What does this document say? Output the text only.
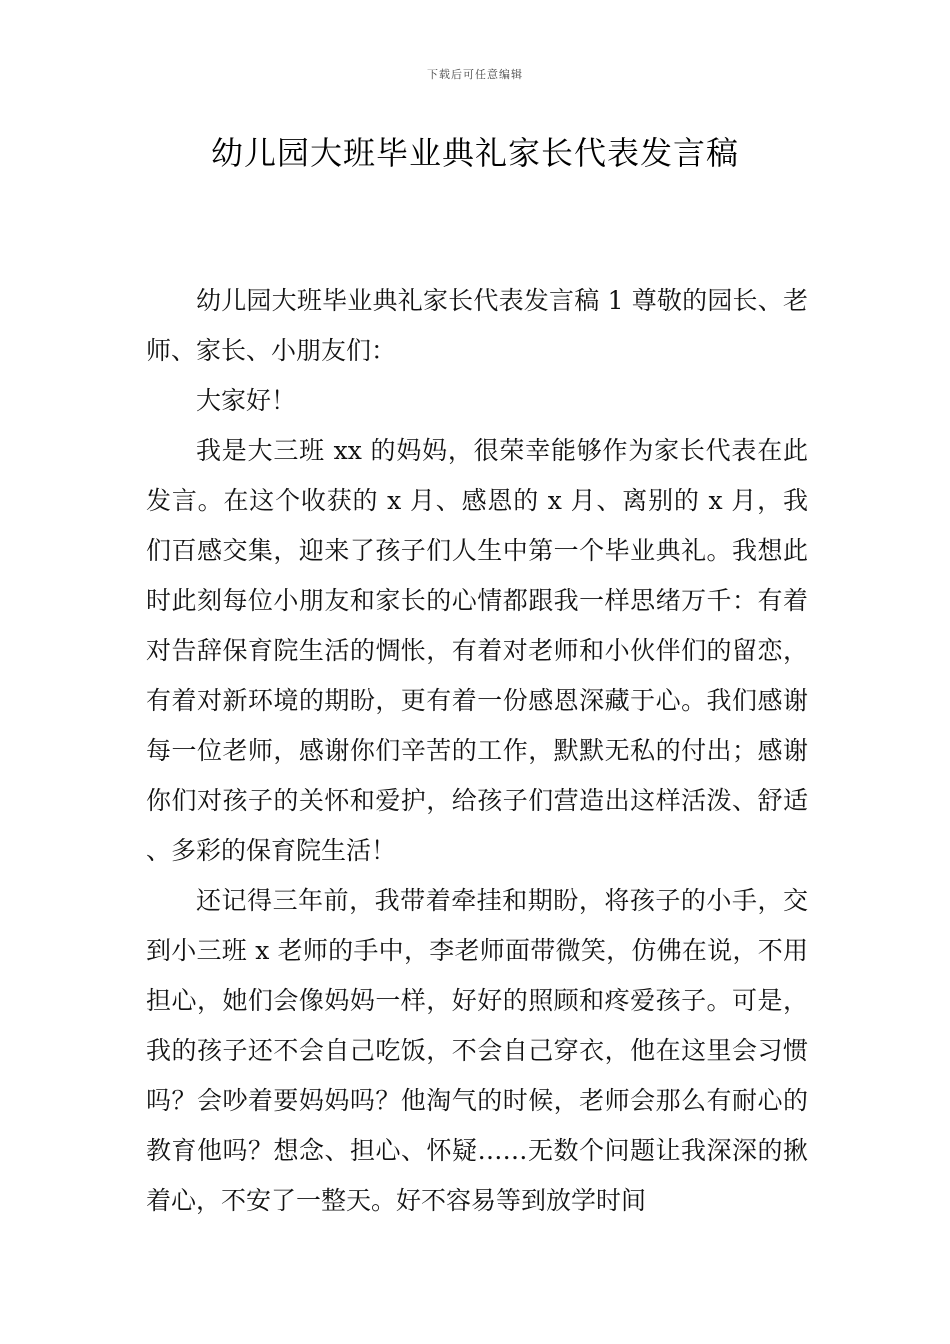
下载后可任意编辑
幼儿园大班毕业典礼家长代表发言稿

幼儿园大班毕业典礼家长代表发言稿 1 尊敬的园长、老师、家长、小朋友们：

大家好！

我是大三班 xx 的妈妈，很荣幸能够作为家长代表在此发言。在这个收获的 x 月、感恩的 x 月、离别的 x 月，我们百感交集，迎来了孩子们人生中第一个毕业典礼。我想此时此刻每位小朋友和家长的心情都跟我一样思绪万千：有着对告辞保育院生活的惆怅，有着对老师和小伙伴们的留恋，有着对新环境的期盼，更有着一份感恩深藏于心。我们感谢每一位老师，感谢你们辛苦的工作，默默无私的付出；感谢你们对孩子的关怀和爱护，给孩子们营造出这样活泼、舒适、多彩的保育院生活！

还记得三年前，我带着牵挂和期盼，将孩子的小手，交到小三班 x 老师的手中，李老师面带微笑，仿佛在说，不用担心，她们会像妈妈一样，好好的照顾和疼爱孩子。可是，我的孩子还不会自己吃饭，不会自己穿衣，他在这里会习惯吗？会吵着要妈妈吗？他淘气的时候，老师会那么有耐心的教育他吗？想念、担心、怀疑……无数个问题让我深深的揪着心，不安了一整天。好不容易等到放学时间
